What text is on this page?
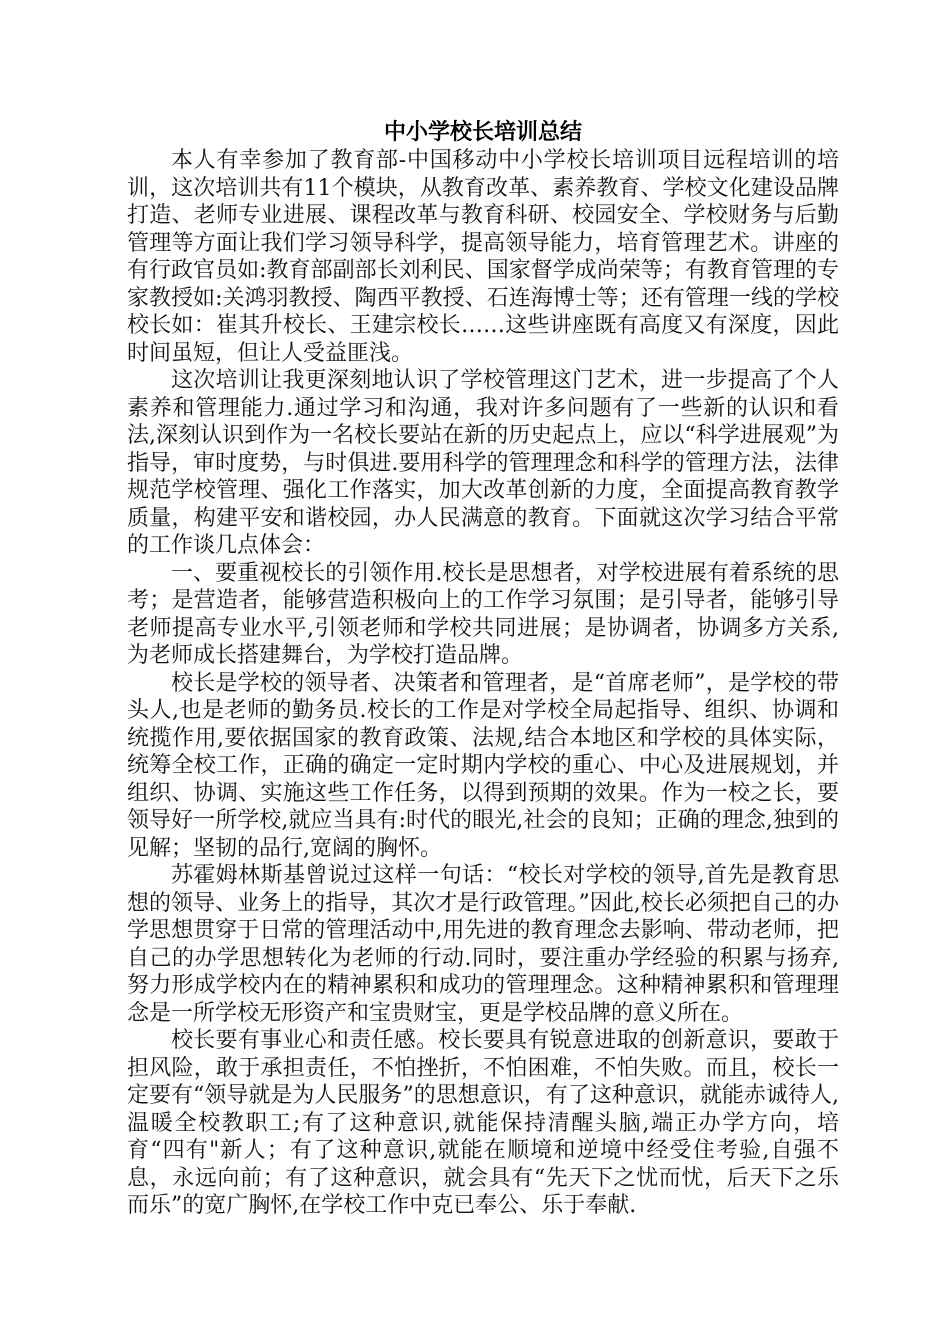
中小学校长培训总结

本人有幸参加了教育部-中国移动中小学校长培训项目远程培训的培训，这次培训共有11个模块，从教育改革、素养教育、学校文化建设品牌打造、老师专业进展、课程改革与教育科研、校园安全、学校财务与后勤管理等方面让我们学习领导科学，提高领导能力，培育管理艺术。讲座的有行政官员如:教育部副部长刘利民、国家督学成尚荣等；有教育管理的专家教授如:关鸿羽教授、陶西平教授、石连海博士等；还有管理一线的学校校长如：崔其升校长、王建宗校长……这些讲座既有高度又有深度，因此时间虽短，但让人受益匪浅。

这次培训让我更深刻地认识了学校管理这门艺术，进一步提高了个人素养和管理能力.通过学习和沟通，我对许多问题有了一些新的认识和看法,深刻认识到作为一名校长要站在新的历史起点上，应以“科学进展观”为指导，审时度势，与时俱进.要用科学的管理理念和科学的管理方法，法律规范学校管理、强化工作落实，加大改革创新的力度，全面提高教育教学质量，构建平安和谐校园，办人民满意的教育。下面就这次学习结合平常的工作谈几点体会：

一、要重视校长的引领作用.校长是思想者，对学校进展有着系统的思考；是营造者，能够营造积极向上的工作学习氛围；是引导者，能够引导老师提高专业水平,引领老师和学校共同进展；是协调者，协调多方关系,为老师成长搭建舞台，为学校打造品牌。

校长是学校的领导者、决策者和管理者，是“首席老师”，是学校的带头人,也是老师的勤务员.校长的工作是对学校全局起指导、组织、协调和统揽作用,要依据国家的教育政策、法规,结合本地区和学校的具体实际，统筹全校工作，正确的确定一定时期内学校的重心、中心及进展规划，并组织、协调、实施这些工作任务，以得到预期的效果。作为一校之长，要领导好一所学校,就应当具有:时代的眼光,社会的良知；正确的理念,独到的见解；坚韧的品行,宽阔的胸怀。

苏霍姆林斯基曾说过这样一句话：“校长对学校的领导,首先是教育思想的领导、业务上的指导，其次才是行政管理。”因此,校长必须把自己的办学思想贯穿于日常的管理活动中,用先进的教育理念去影响、带动老师，把自己的办学思想转化为老师的行动.同时，要注重办学经验的积累与扬弃,努力形成学校内在的精神累积和成功的管理理念。这种精神累积和管理理念是一所学校无形资产和宝贵财宝，更是学校品牌的意义所在。

校长要有事业心和责任感。校长要具有锐意进取的创新意识，要敢于担风险，敢于承担责任，不怕挫折，不怕困难，不怕失败。而且，校长一定要有“领导就是为人民服务”的思想意识，有了这种意识，就能赤诚待人,温暖全校教职工;有了这种意识,就能保持清醒头脑,端正办学方向，培育“四有"新人；有了这种意识,就能在顺境和逆境中经受住考验,自强不息，永远向前；有了这种意识，就会具有“先天下之忧而忧，后天下之乐而乐”的宽广胸怀,在学校工作中克已奉公、乐于奉献.
